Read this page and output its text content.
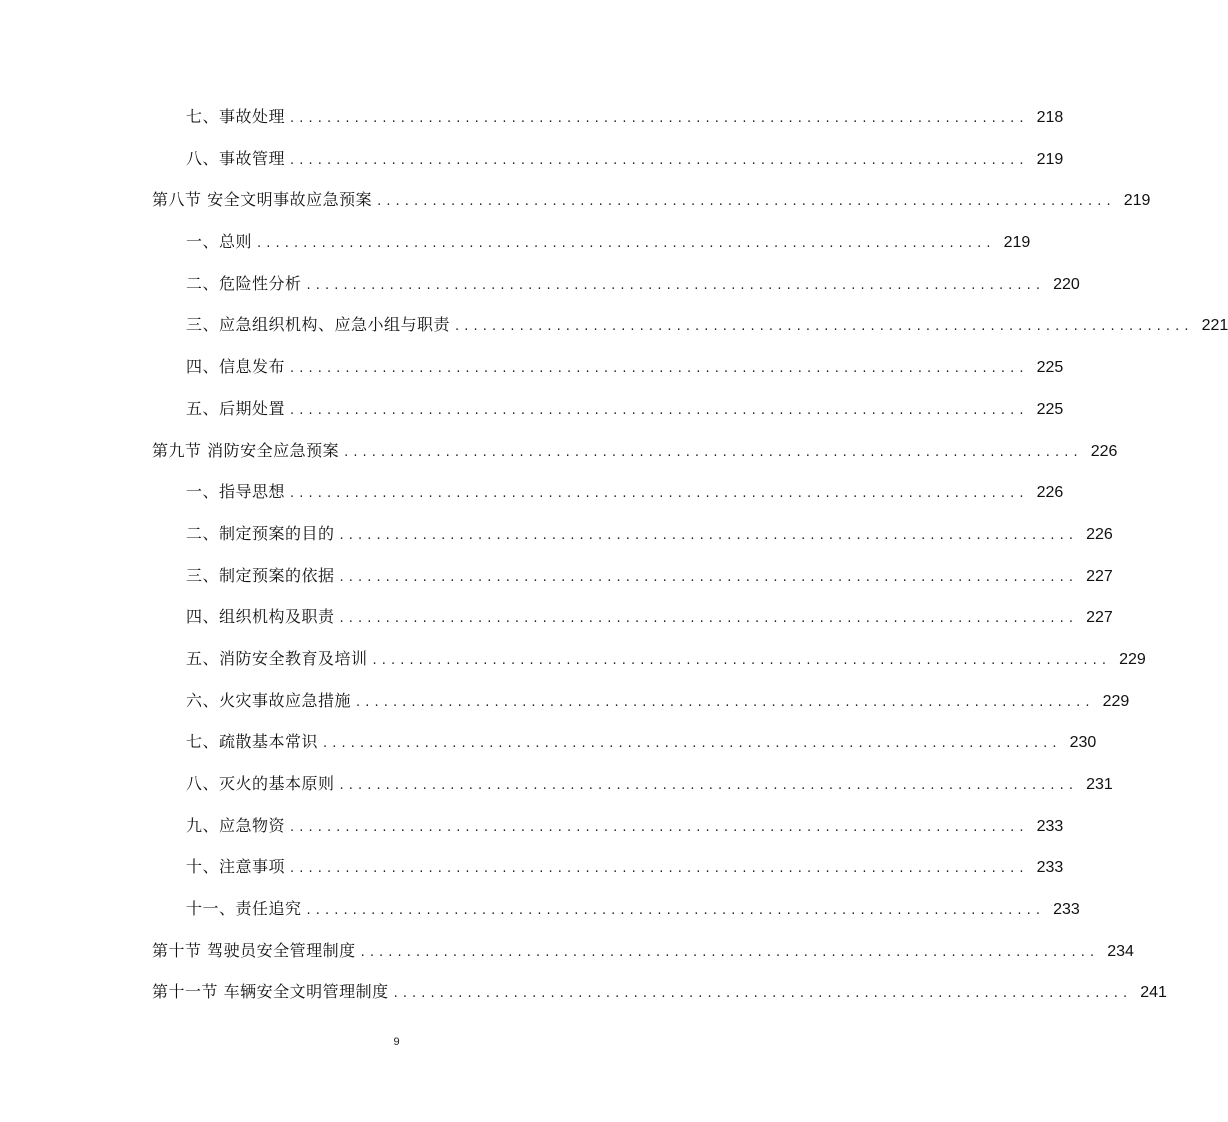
七、事故处理 ................................................................................ 218
八、事故管理 ................................................................................ 219
第八节 安全文明事故应急预案 ................................................................................ 219
一、总则 ................................................................................ 219
二、危险性分析 ................................................................................ 220
三、应急组织机构、应急小组与职责 ................................................................................ 221
四、信息发布 ................................................................................ 225
五、后期处置 ................................................................................ 225
第九节 消防安全应急预案 ................................................................................ 226
一、指导思想 ................................................................................ 226
二、制定预案的目的 ................................................................................ 226
三、制定预案的依据 ................................................................................ 227
四、组织机构及职责 ................................................................................ 227
五、消防安全教育及培训 ................................................................................ 229
六、火灾事故应急措施 ................................................................................ 229
七、疏散基本常识 ................................................................................ 230
八、灭火的基本原则 ................................................................................ 231
九、应急物资 ................................................................................ 233
十、注意事项 ................................................................................ 233
十一、责任追究 ................................................................................ 233
第十节 驾驶员安全管理制度 ................................................................................ 234
第十一节 车辆安全文明管理制度 ................................................................................ 241
9
